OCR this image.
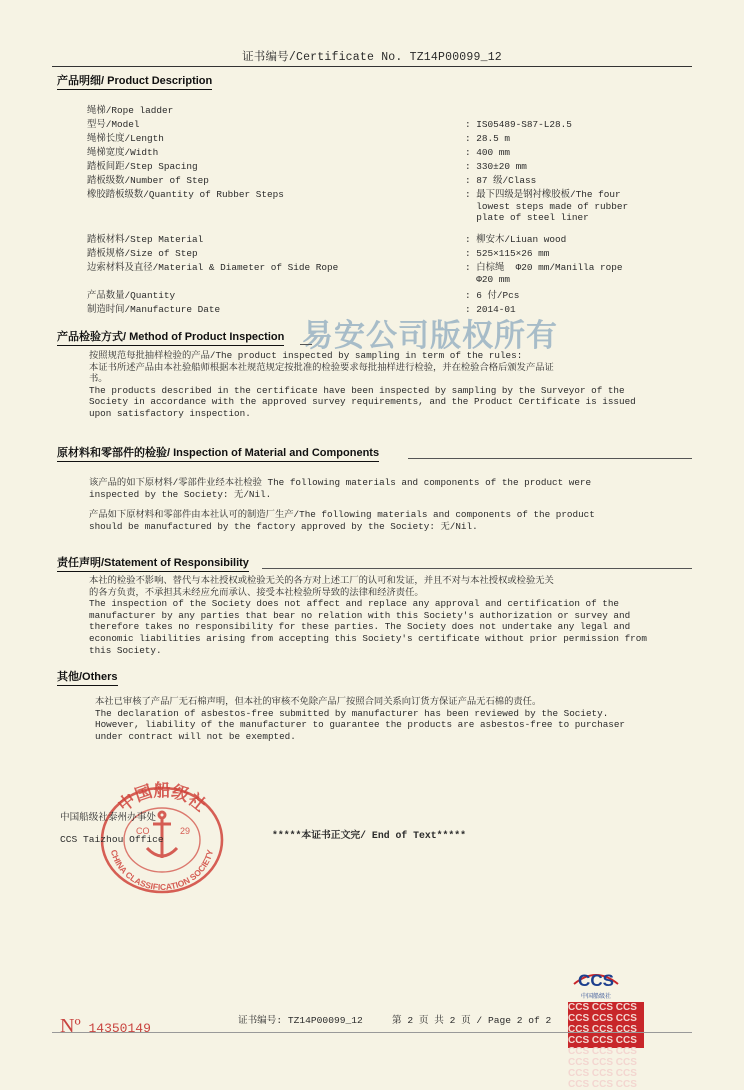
证书编号/Certificate No. TZ14P00099_12
产品明细/ Product Description
绳梯/Rope ladder
型号/Model	: IS05489-S87-L28.5
绳梯长度/Length	: 28.5 m
绳梯宽度/Width	: 400 mm
踏板间距/Step Spacing	: 330±20 mm
踏板级数/Number of Step	: 87 级/Class
橡胶踏板级数/Quantity of Rubber Steps	: 最下四级是钢衬橡胶板/The four
lowest steps made of rubber
plate of steel liner
踏板材料/Step Material	: 柳安木/Liuan wood
踏板规格/Size of Step	: 525×115×26 mm
边索材料及直径/Material & Diameter of Side Rope	: 白棕绳  Φ20 mm/Manilla rope
Φ20 mm
产品数量/Quantity	: 6 付/Pcs
制造时间/Manufacture Date	: 2014-01
易安公司版权所有
产品检验方式/ Method of Product Inspection
按照规范每批抽样检验的产品/The product inspected by sampling in term of the rules:
本证书所述产品由本社验船师根据本社规范规定按批准的检验要求每批抽样进行检验，并在检验合格后颁发产品证
书。
The products described in the certificate have been inspected by sampling by the Surveyor of the
Society in accordance with the approved survey requirements, and the Product Certificate is issued
upon satisfactory inspection.
原材料和零部件的检验/ Inspection of Material and Components
该产品的如下原材料/零部件业经本社检验 The following materials and components of the product were
inspected by the Society: 无/Nil.
产品如下原材料和零部件由本社认可的制造厂生产/The following materials and components of the product
should be manufactured by the factory approved by the Society: 无/Nil.
责任声明/Statement of Responsibility
本社的检验不影响、替代与本社授权或检验无关的各方对上述工厂的认可和发证，并且不对与本社授权或检验无关
的各方负责，不承担其未经应允而承认、接受本社检验所导致的法律和经济责任。
The inspection of the Society does not affect and replace any approval and certification of the
manufacturer by any parties that bear no relation with this Society's authorization or survey and
therefore takes no responsibility for these parties. The Society does not undertake any legal and
economic liabilities arising from accepting this Society's certificate without prior permission from
this Society.
其他/Others
本社已审核了产品厂无石棉声明，但本社的审核不免除产品厂按照合同关系向订货方保证产品无石棉的责任。
The declaration of asbestos-free submitted by manufacturer has been reviewed by the Society.
However, liability of the manufacturer to guarantee the products are asbestos-free to purchaser
under contract will not be exempted.
中国船级社
CHINA CLASSIFICATION SOCIETY
CO	29
中国船级社泰州办事处
CCS Taizhou Office	*****本证书正文完/ End of Text*****
CCS
中国船级社
CCS CCS CCS CCS CCS CCS
CCS CCS CCS CCS CCS CCS
CCS CCS CCS CCS CCS CCS
CCS CCS CCS CCS CCS CCS
Nº 14350149
证书编号: TZ14P00099_12	第 2 页 共 2 页 / Page 2 of 2
